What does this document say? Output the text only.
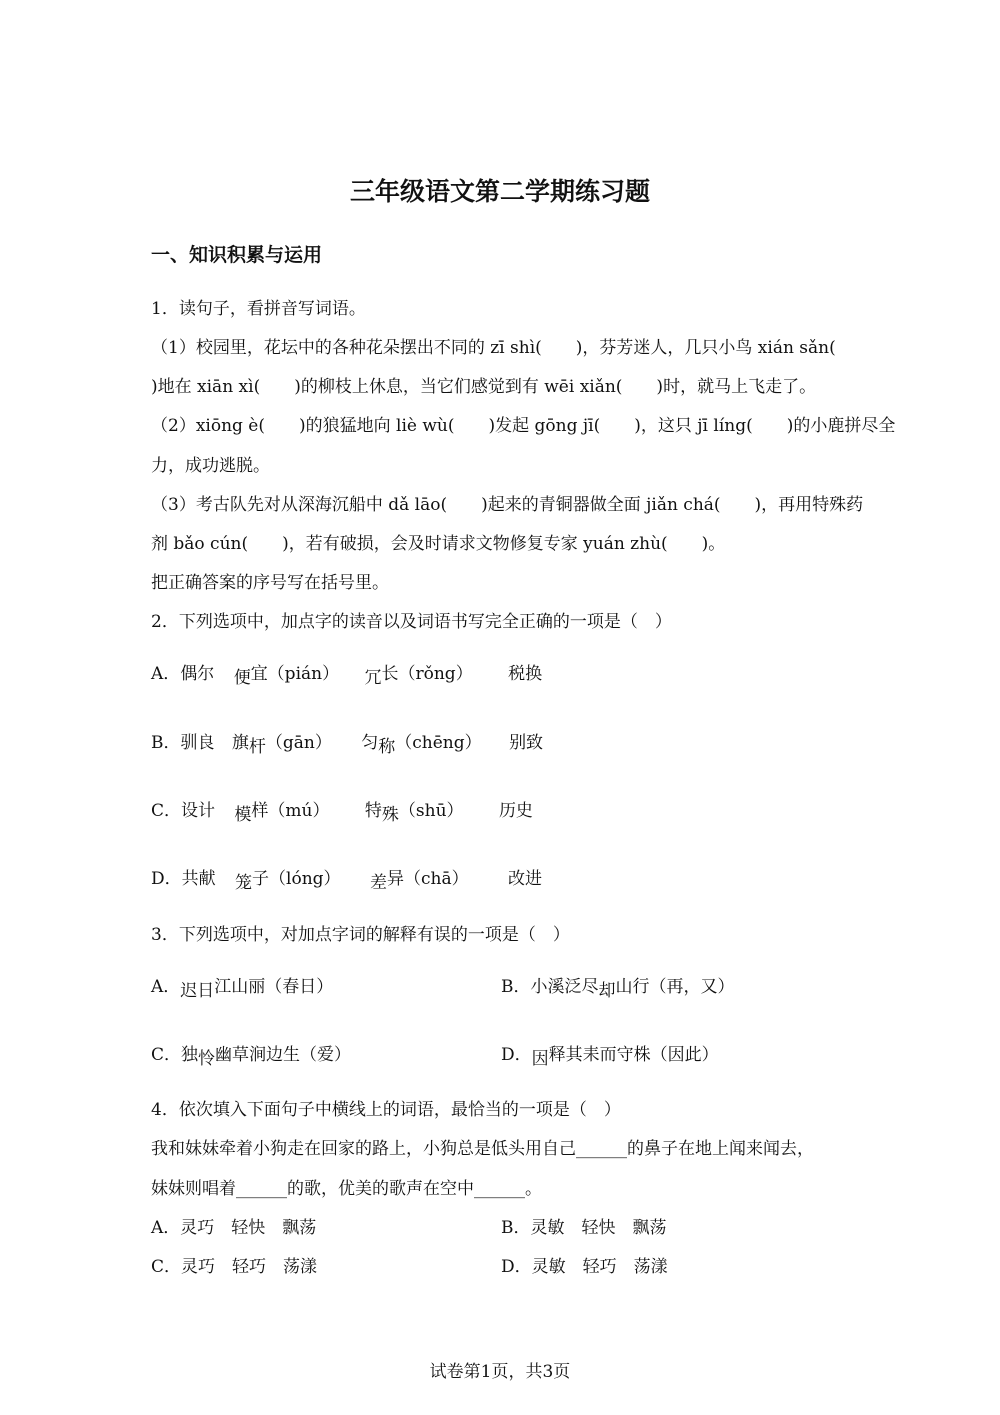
三年级语文第二学期练习题
一、知识积累与运用
1．读句子，看拼音写词语。
（1）校园里，花坛中的各种花朵摆出不同的 zī shì(　　)，芬芳迷人，几只小鸟 xián sǎn(
)地在 xiān xì(　　)的柳枝上休息，当它们感觉到有 wēi xiǎn(　　)时，就马上飞走了。
（2）xiōng è(　　)的狼猛地向 liè wù(　　)发起 gōng jī(　　)，这只 jī líng(　　)的小鹿拼尽全
力，成功逃脱。
（3）考古队先对从深海沉船中 dǎ lāo(　　)起来的青铜器做全面 jiǎn chá(　　)，再用特殊药
剂 bǎo cún(　　)，若有破损，会及时请求文物修复专家 yuán zhù(　　)。
把正确答案的序号写在括号里。
2．下列选项中，加点字的读音以及词语书写完全正确的一项是（　）
A．偶尔 便宜（pián） 冗长（rǒng） 税换
B．驯良 旗杆（gān） 匀称（chēng） 别致
C．设计 模样（mú） 特殊（shū） 历史
D．共献 笼子（lóng） 差异（chā） 改进
3．下列选项中，对加点字词的解释有误的一项是（　）
A．迟日江山丽（春日）	B．小溪泛尽却山行（再，又）
C．独怜幽草涧边生（爱）	D．因释其耒而守株（因此）
4．依次填入下面句子中横线上的词语，最恰当的一项是（　）
我和妹妹牵着小狗走在回家的路上，小狗总是低头用自己______的鼻子在地上闻来闻去，
妹妹则唱着______的歌，优美的歌声在空中______。
A．灵巧　轻快　飘荡	B．灵敏　轻快　飘荡
C．灵巧　轻巧　荡漾	D．灵敏　轻巧　荡漾
试卷第1页，共3页
